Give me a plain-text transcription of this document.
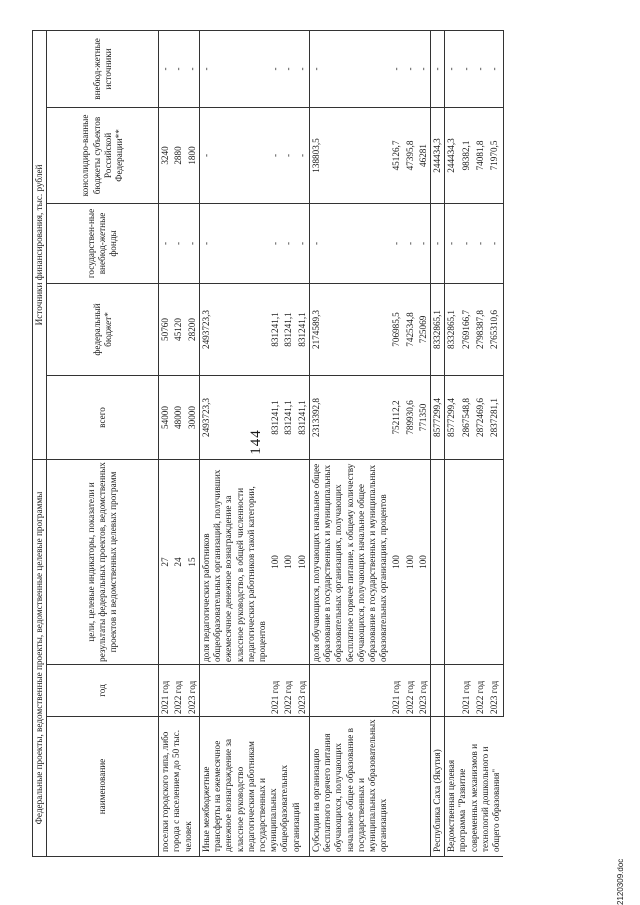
Федеральные проекты, ведомственные проекты, ведомственные целевые программы			Источники финансирования, тыс. рублей				
наименование	год	цели, целевые индикаторы, показатели и результаты федеральных проектов, ведомственных проектов и ведомственных целевых программ	всего	федеральный бюджет*	государствен-ные внебюд-жетные фонды	консолидиро-ванные бюджеты субъектов Российской Федерации**	внебюд-жетные источники
поселки городского типа, либо города с населением до 50 тыс. человек	2021 год	27	54000	50760	-	3240	-
	2022 год	24	48000	45120	-	2880	-
	2023 год	15	30000	28200	-	1800	-
Иные межбюджетные трансферты на ежемесячное денежное вознаграждение за классное руководство педагогическим работникам государственных и муниципальных общеобразовательных организаций		доля педагогических работников общеобразовательных организаций, получивших ежемесячное денежное вознаграждение за классное руководство, в общей численности педагогических работников такой категории, процентов	2493723,3	2493723,3	-	-	-
	2021 год	100	831241,1	831241,1	-	-	-
	2022 год	100	831241,1	831241,1	-	-	-
	2023 год	100	831241,1	831241,1	-	-	-
Субсидии на организацию бесплатного горячего питания обучающихся, получающих начальное общее образование в государственных и муниципальных образовательных организациях		доля обучающихся, получающих начальное общее образование в государственных и муниципальных образовательных организациях, получающих бесплатное горячее питание, к общему количеству обучающихся, получающих начальное общее образование в государственных и муниципальных образовательных организациях, процентов	2313392,8	2174589,3	-	138803,5	-
	2021 год	100	752112,2	706985,5	-	45126,7	-
	2022 год	100	789930,6	742534,8	-	47395,8	-
	2023 год	100	771350	725069	-	46281	-
Республика Саха (Якутия)			8577299,4	8332865,1	-	244434,3	-
Ведомственная целевая программа "Развитие современных механизмов и технологий дошкольного и общего образования"			8577299,4	8332865,1	-	244434,3	-
	2021 год		2867548,8	2769166,7	-	98382,1	-
	2022 год		2872469,6	2798387,8	-	74081,8	-
	2023 год		2837281,1	2765310,6	-	71970,5	-
2120309.doc
144
